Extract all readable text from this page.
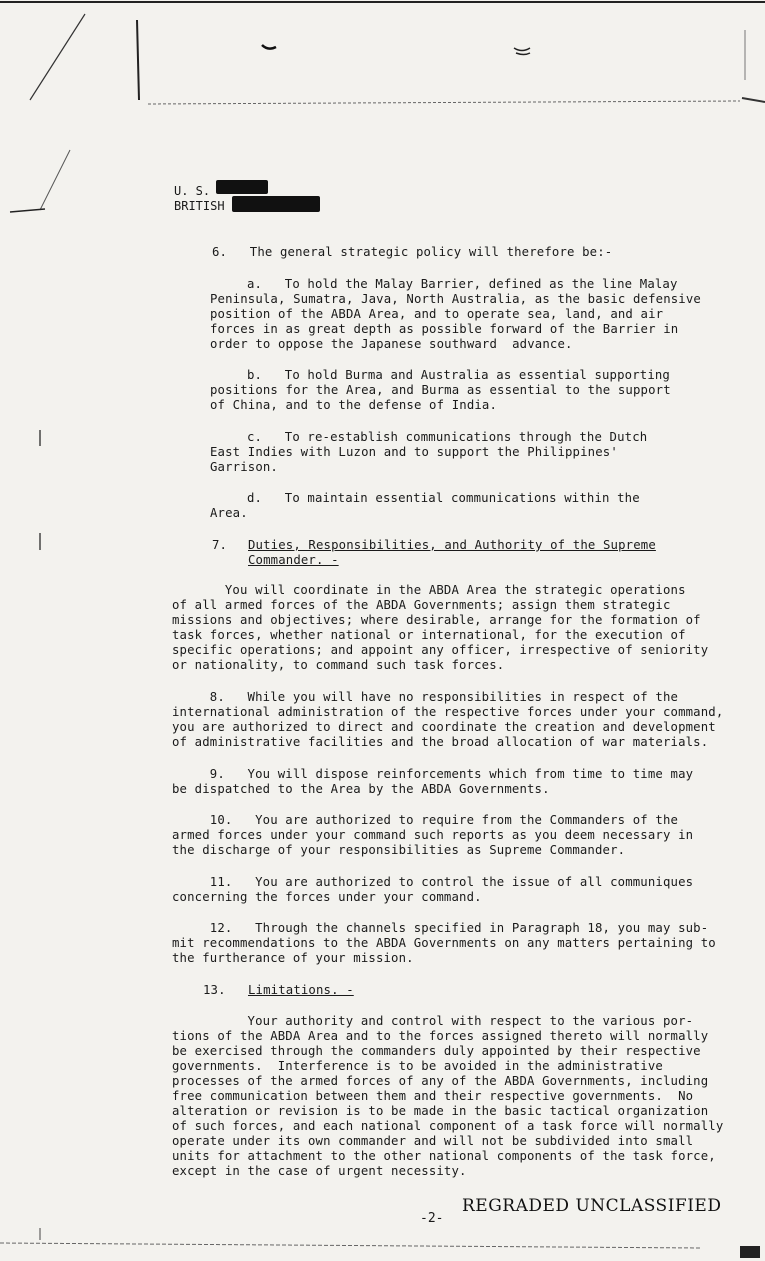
U. S.
BRITISH
6.   The general strategic policy will therefore be:-
a.   To hold the Malay Barrier, defined as the line Malay
Peninsula, Sumatra, Java, North Australia, as the basic defensive
position of the ABDA Area, and to operate sea, land, and air
forces in as great depth as possible forward of the Barrier in
order to oppose the Japanese southward  advance.
b.   To hold Burma and Australia as essential supporting
positions for the Area, and Burma as essential to the support
of China, and to the defense of India.
c.   To re-establish communications through the Dutch
East Indies with Luzon and to support the Philippines'
Garrison.
d.   To maintain essential communications within the
Area.
7. Duties, Responsibilities, and Authority of the Supreme
Commander. -
You will coordinate in the ABDA Area the strategic operations
of all armed forces of the ABDA Governments; assign them strategic
missions and objectives; where desirable, arrange for the formation of
task forces, whether national or international, for the execution of
specific operations; and appoint any officer, irrespective of seniority
or nationality, to command such task forces.
8.   While you will have no responsibilities in respect of the
international administration of the respective forces under your command,
you are authorized to direct and coordinate the creation and development
of administrative facilities and the broad allocation of war materials.
9.   You will dispose reinforcements which from time to time may
be dispatched to the Area by the ABDA Governments.
10.   You are authorized to require from the Commanders of the
armed forces under your command such reports as you deem necessary in
the discharge of your responsibilities as Supreme Commander.
11.   You are authorized to control the issue of all communiques
concerning the forces under your command.
12.   Through the channels specified in Paragraph 18, you may sub-
mit recommendations to the ABDA Governments on any matters pertaining to
the furtherance of your mission.
13. Limitations. -
Your authority and control with respect to the various por-
tions of the ABDA Area and to the forces assigned thereto will normally
be exercised through the commanders duly appointed by their respective
governments.  Interference is to be avoided in the administrative
processes of the armed forces of any of the ABDA Governments, including
free communication between them and their respective governments.  No
alteration or revision is to be made in the basic tactical organization
of such forces, and each national component of a task force will normally
operate under its own commander and will not be subdivided into small
units for attachment to the other national components of the task force,
except in the case of urgent necessity.
-2-
REGRADED UNCLASSIFIED
